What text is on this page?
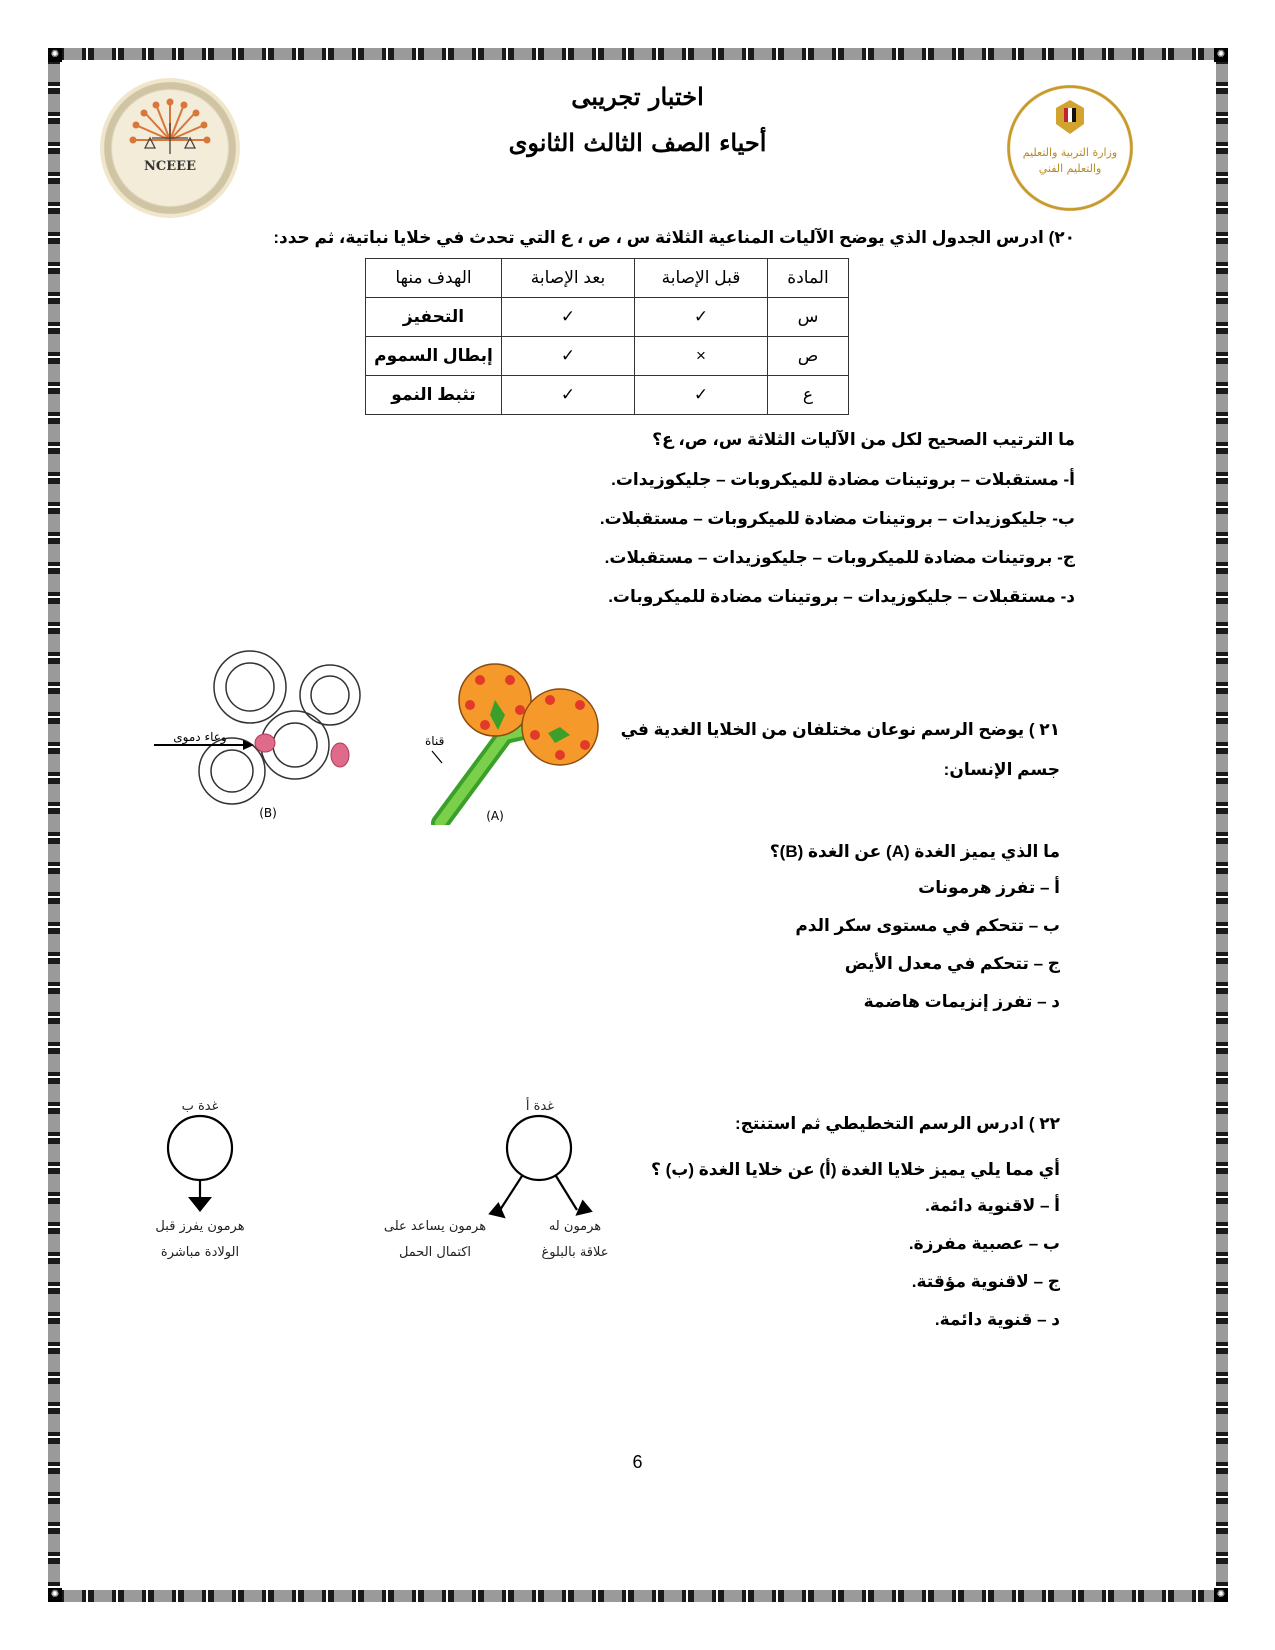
✺	✺
✺	✺
NCEEE
وزارة التربية والتعليم
والتعليم الفني
اختبار تجريبى
أحياء الصف الثالث الثانوى
٢٠) ادرس الجدول الذي يوضح الآليات المناعية الثلاثة س ، ص ، ع التي تحدث في خلايا نباتية، ثم حدد:
المادة	قبل الإصابة	بعد الإصابة	الهدف منها
س	✓	✓	التحفيز
ص	×	✓	إبطال السموم
ع	✓	✓	تثبط النمو
ما الترتيب الصحيح لكل من الآليات الثلاثة س، ص، ع؟
أ- مستقبلات – بروتينات مضادة للميكروبات – جليكوزيدات.
ب- جليكوزيدات – بروتينات مضادة للميكروبات – مستقبلات.
ج- بروتينات مضادة للميكروبات – جليكوزيدات – مستقبلات.
د- مستقبلات – جليكوزيدات – بروتينات مضادة للميكروبات.
٢١ ) يوضح الرسم نوعان مختلفان من الخلايا الغدية في
جسم الإنسان:
وعاء دموى
(B)
قناة
(A)
ما الذي يميز الغدة (A) عن الغدة (B)؟
أ – تفرز هرمونات
ب – تتحكم في مستوى سكر الدم
ج – تتحكم في معدل الأيض
د – تفرز إنزيمات هاضمة
٢٢ ) ادرس الرسم التخطيطي ثم استنتج:
غدة ب	غدة أ
هرمون يفرز قبل
الولادة مباشرة
هرمون يساعد على
اكتمال الحمل
هرمون له
علاقة بالبلوغ
أي مما يلي يميز خلايا الغدة (أ) عن خلايا الغدة (ب) ؟
أ – لاقنوية دائمة.
ب – عصبية مفرزة.
ج – لاقنوية مؤقتة.
د – قنوية دائمة.
6
